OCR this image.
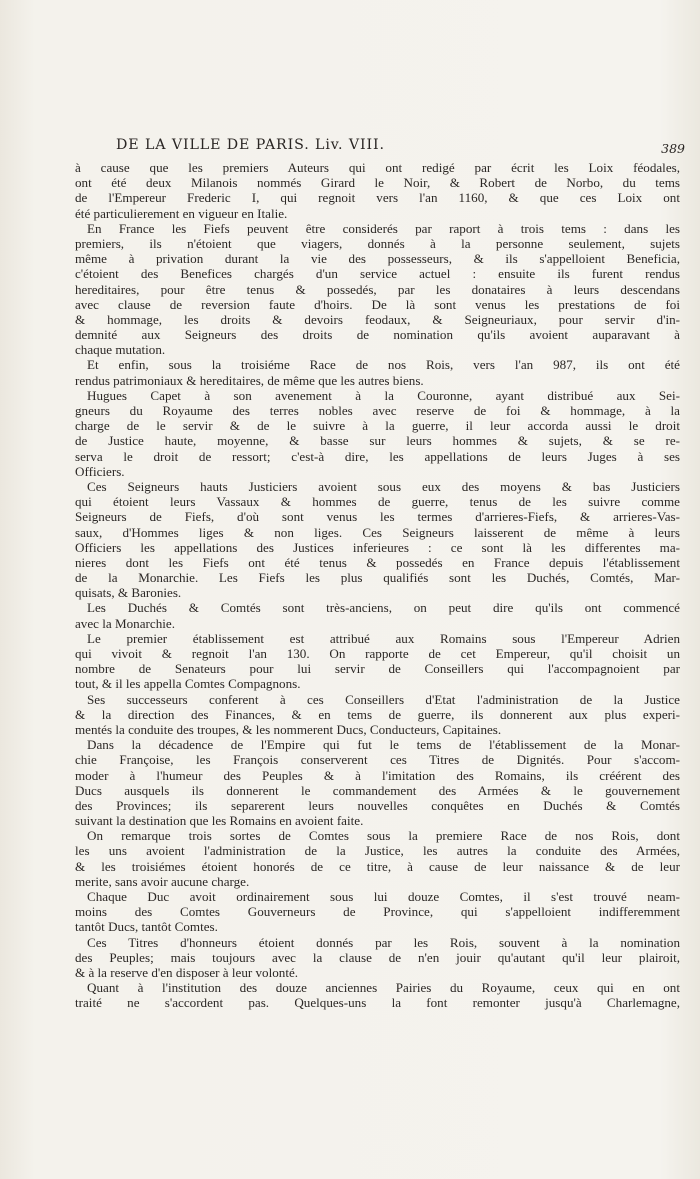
DE LA VILLE DE PARIS. Liv. VIII.	389
à cause que les premiers Auteurs qui ont redigé par écrit les Loix féodales,
ont été deux Milanois nommés Girard le Noir, & Robert de Norbo, du tems
de l'Empereur Frederic I, qui regnoit vers l'an 1160, & que ces Loix ont
été particulierement en vigueur en Italie.
En France les Fiefs peuvent être considerés par raport à trois tems : dans les
premiers, ils n'étoient que viagers, donnés à la personne seulement, sujets
même à privation durant la vie des possesseurs, & ils s'appelloient Beneficia,
c'étoient des Benefices chargés d'un service actuel : ensuite ils furent rendus
hereditaires, pour être tenus & possedés, par les donataires à leurs descendans
avec clause de reversion faute d'hoirs. De là sont venus les prestations de foi
& hommage, les droits & devoirs feodaux, & Seigneuriaux, pour servir d'in-
demnité aux Seigneurs des droits de nomination qu'ils avoient auparavant à
chaque mutation.
Et enfin, sous la troisiéme Race de nos Rois, vers l'an 987, ils ont été
rendus patrimoniaux & hereditaires, de même que les autres biens.
Hugues Capet à son avenement à la Couronne, ayant distribué aux Sei-
gneurs du Royaume des terres nobles avec reserve de foi & hommage, à la
charge de le servir & de le suivre à la guerre, il leur accorda aussi le droit
de Justice haute, moyenne, & basse sur leurs hommes & sujets, & se re-
serva le droit de ressort; c'est-à dire, les appellations de leurs Juges à ses
Officiers.
Ces Seigneurs hauts Justiciers avoient sous eux des moyens & bas Justiciers
qui étoient leurs Vassaux & hommes de guerre, tenus de les suivre comme
Seigneurs de Fiefs, d'où sont venus les termes d'arrieres-Fiefs, & arrieres-Vas-
saux, d'Hommes liges & non liges. Ces Seigneurs laisserent de même à leurs
Officiers les appellations des Justices inferieures : ce sont là les differentes ma-
nieres dont les Fiefs ont été tenus & possedés en France depuis l'établissement
de la Monarchie. Les Fiefs les plus qualifiés sont les Duchés, Comtés, Mar-
quisats, & Baronies.
Les Duchés & Comtés sont très-anciens, on peut dire qu'ils ont commencé
avec la Monarchie.
Le premier établissement est attribué aux Romains sous l'Empereur Adrien
qui vivoit & regnoit l'an 130. On rapporte de cet Empereur, qu'il choisit un
nombre de Senateurs pour lui servir de Conseillers qui l'accompagnoient par
tout, & il les appella Comtes Compagnons.
Ses successeurs conferent à ces Conseillers d'Etat l'administration de la Justice
& la direction des Finances, & en tems de guerre, ils donnerent aux plus experi-
mentés la conduite des troupes, & les nommerent Ducs, Conducteurs, Capitaines.
Dans la décadence de l'Empire qui fut le tems de l'établissement de la Monar-
chie Françoise, les François conserverent ces Titres de Dignités. Pour s'accom-
moder à l'humeur des Peuples & à l'imitation des Romains, ils créérent des
Ducs ausquels ils donnerent le commandement des Armées & le gouvernement
des Provinces; ils separerent leurs nouvelles conquêtes en Duchés & Comtés
suivant la destination que les Romains en avoient faite.
On remarque trois sortes de Comtes sous la premiere Race de nos Rois, dont
les uns avoient l'administration de la Justice, les autres la conduite des Armées,
& les troisiémes étoient honorés de ce titre, à cause de leur naissance & de leur
merite, sans avoir aucune charge.
Chaque Duc avoit ordinairement sous lui douze Comtes, il s'est trouvé neam-
moins des Comtes Gouverneurs de Province, qui s'appelloient indifferemment
tantôt Ducs, tantôt Comtes.
Ces Titres d'honneurs étoient donnés par les Rois, souvent à la nomination
des Peuples; mais toujours avec la clause de n'en jouir qu'autant qu'il leur plairoit,
& à la reserve d'en disposer à leur volonté.
Quant à l'institution des douze anciennes Pairies du Royaume, ceux qui en ont
traité ne s'accordent pas. Quelques-uns la font remonter jusqu'à Charlemagne,
